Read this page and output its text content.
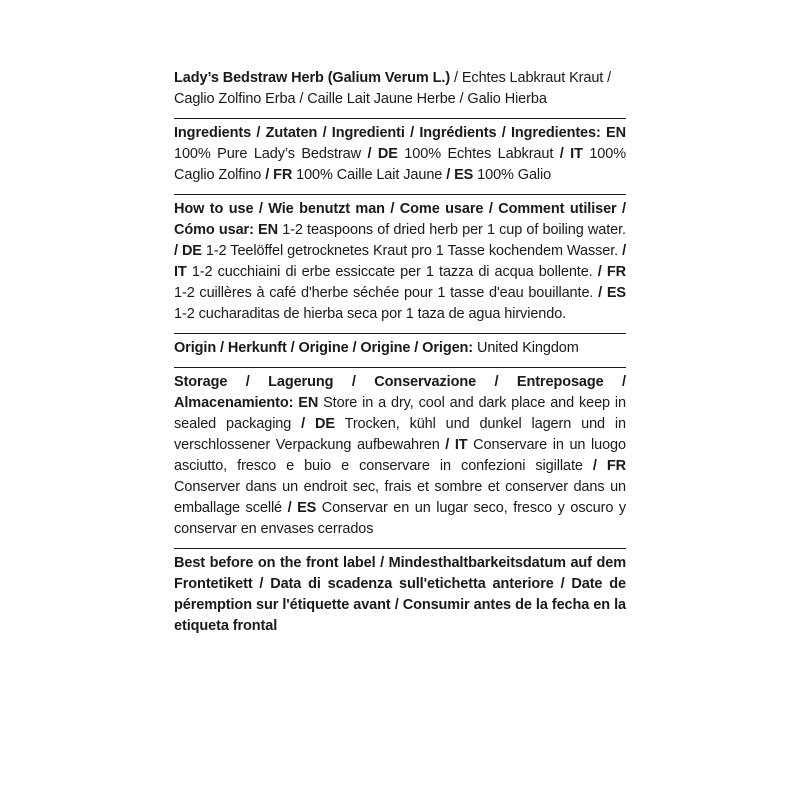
Lady’s Bedstraw Herb (Galium Verum L.) / Echtes Labkraut Kraut / Caglio Zolfino Erba / Caille Lait Jaune Herbe / Galio Hierba
Ingredients / Zutaten / Ingredienti / Ingrédients / Ingredientes: EN 100% Pure Lady’s Bedstraw / DE 100% Echtes Labkraut / IT 100% Caglio Zolfino / FR 100% Caille Lait Jaune / ES 100% Galio
How to use / Wie benutzt man / Come usare / Comment utiliser / Cómo usar: EN 1-2 teaspoons of dried herb per 1 cup of boiling water. / DE 1-2 Teelöffel getrocknetes Kraut pro 1 Tasse kochendem Wasser. / IT 1-2 cucchiaini di erbe essiccate per 1 tazza di acqua bollente. / FR 1-2 cuillères à café d'herbe séchée pour 1 tasse d'eau bouillante. / ES 1-2 cucharaditas de hierba seca por 1 taza de agua hirviendo.
Origin / Herkunft / Origine / Origine / Origen: United Kingdom
Storage / Lagerung / Conservazione / Entreposage / Almacenamiento: EN Store in a dry, cool and dark place and keep in sealed packaging / DE Trocken, kühl und dunkel lagern und in verschlossener Verpackung aufbewahren / IT Conservare in un luogo asciutto, fresco e buio e conservare in confezioni sigillate / FR Conserver dans un endroit sec, frais et sombre et conserver dans un emballage scellé / ES Conservar en un lugar seco, fresco y oscuro y conservar en envases cerrados
Best before on the front label / Mindesthaltbarkeitsdatum auf dem Frontetikett / Data di scadenza sull'etichetta anteriore / Date de péremption sur l'étiquette avant / Consumir antes de la fecha en la etiqueta frontal
